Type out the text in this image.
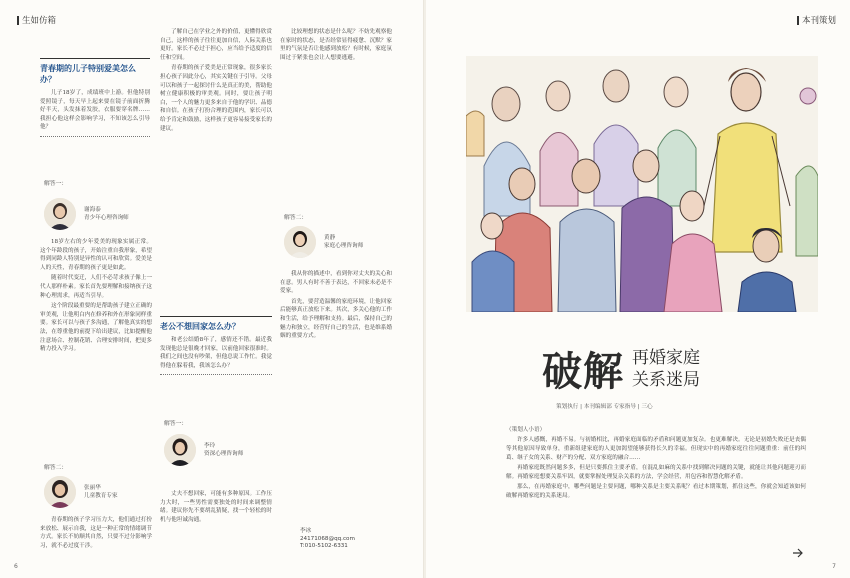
生如仿箱
青春期的儿子特别爱美怎么办？

儿子18岁了，成绩班中上游。但他特别爱照镜子，每天早上起来要在镜子前面折腾好半天，头发抹着发胶，衣服要穿名牌……我担心他这样会影响学习，不知该怎么引导他？

解答一：
谢海泰
青少年心理咨询师

18岁左右的少年爱美的现象实属正常。这个年龄段的孩子，开始注重自我形象，希望得到同龄人特别是异性的认可和欣赏。爱美是人的天性，青春期的孩子更是如此。

随着时代变迁，人们不必苛求孩子像上一代人那样朴素。家长首先要理解和接纳孩子这种心理需求，再适当引导。

这个阶段最重要的是帮助孩子建立正确的审美观，让他明白内在修养和外在形象同样重要。家长可以与孩子多沟通，了解他真实的想法，在尊重他的前提下给出建议，比如提醒他注意场合、控制花销、合理安排时间，把更多精力投入学习。

解答二：
张丽华
儿童教育专家

青春期的孩子学习压力大，他们通过打扮来放松、展示自我，这是一种正常的情绪调节方式。家长不妨顺其自然，只要不过分影响学习，就不必过度干涉。

了解自己在学业之外的价值，更懂得欣赏自己，这样的孩子往往更加自信，人际关系也更好。家长不必过于担心，应当给予适度的信任和空间。

青春期的孩子爱美是正常现象，很多家长担心孩子因此分心，其实关键在于引导。父母可以和孩子一起探讨什么是真正的美，帮助他树立健康积极的审美观。同时，要让孩子明白，一个人的魅力更多来自于他的学识、品德和自信。在孩子打扮合理的范围内，家长可以给予肯定和鼓励，这样孩子更容易接受家长的建议。

老公不想回家怎么办？

和老公结婚8年了，感情还不错。最近我发现他总是很晚才回家，以前他回家很准时。我们之间也没有吵架，但他总说工作忙。我觉得他在躲着我，我该怎么办？

解答一：
李玲
资深心理咨询师

丈夫不想回家，可能有多种原因。工作压力大时，一些男性需要独处的时间来调整情绪。建议你先不要胡乱猜疑，找一个轻松的时机与他坦诚沟通。

比较理想的状态是什么呢？不妨先观察他在家时的状态，是否经常显得疲惫、沉默？家里的气氛是否让他感到放松？有时候，家庭氛围过于紧张也会让人想要逃避。

解答二：
黄静
家庭心理咨询师

我从你的描述中，看到你对丈夫的关心和在意。男人有时不善于表达，不回家未必是不爱家。

首先，要营造温馨的家庭环境，让他回家后能够真正放松下来。其次，多关心他的工作和生活，给予理解和支持。最后，保持自己的魅力和独立，经营好自己的生活，也是维系婚姻的重要方式。

李冰
24171068@qq.com
T:010-5102-6331
6
本刊策划
7
破解 再婚家庭
关系迷局
策划执行 | 本刊编辑部 专家指导 | 三心
（策划人小语）

许多人感慨，再婚不易。与初婚相比，再婚家庭面临的矛盾和问题更加复杂。也更难解决。无论是初婚失败还是丧偶等其他原因导致单身，重新组建家庭的人更加渴望能够获得长久的幸福。但现实中的再婚家庭往往问题重重：前任的纠葛、继子女的关系、财产的分配、双方家庭的融合……

再婚家庭既然问题多多，但是只要抓住主要矛盾，在混乱如麻的关系中找到解决问题的关键，就能让其他问题迎刃而解。再婚家庭想要关系牢固，就要掌握处理复杂关系的方法，学会经营，用包容和智慧化解矛盾。

那么，在再婚家庭中，哪些问题是主要问题，哪种关系是主要关系呢？看过本期策划，抓住这些，你就会知道该如何破解再婚家庭的关系迷局。
